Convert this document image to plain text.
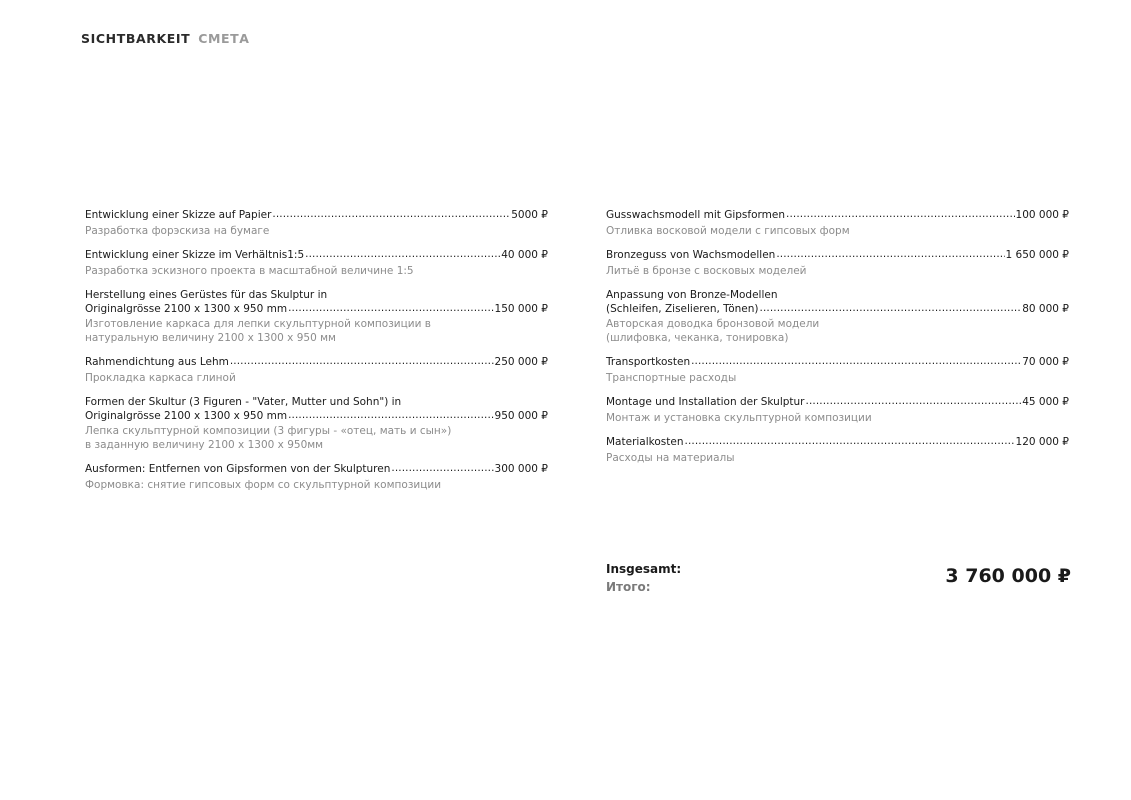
SICHTBARKEIT СМЕТА
Entwicklung einer Skizze auf Papier .....	5000 ₽
Разработка форэскиза на бумаге
Entwicklung einer Skizze im Verhältnis1:5 .....	40 000 ₽
Разработка эскизного проекта в масштабной величине 1:5
Herstellung eines Gerüstes für das Skulptur in
Originalgrösse 2100 x 1300 x 950 mm .....	150 000 ₽
Изготовление каркаса для лепки скульптурной композиции в
натуральную величину 2100 х 1300 х 950 мм
Rahmendichtung aus Lehm .....	250 000 ₽
Прокладка каркаса глиной
Formen der Skultur (3 Figuren - "Vater, Mutter und Sohn") in
Originalgrösse 2100 x 1300 x 950 mm .....	950 000 ₽
Лепка скульптурной композиции (3 фигуры - «отец, мать и сын»)
в заданную величину 2100 х 1300 х 950мм
Ausformen: Entfernen von Gipsformen von der Skulpturen .....	300 000 ₽
Формовка: снятие гипсовых форм со скульптурной композиции
Gusswachsmodell mit Gipsformen .....	100 000 ₽
Отливка восковой модели с гипсовых форм
Bronzeguss von Wachsmodellen .....	1 650 000 ₽
Литьё в бронзе с восковых моделей
Anpassung von Bronze-Modellen
(Schleifen, Ziselieren, Tönen) .....	80 000 ₽
Авторская доводка бронзовой модели
(шлифовка, чеканка, тонировка)
Transportkosten .....	70 000 ₽
Транспортные расходы
Montage und Installation der Skulptur .....	45 000 ₽
Монтаж и установка скульптурной композиции
Materialkosten .....	120 000 ₽
Расходы на материалы
Insgesamt:
Итого:	3 760 000 ₽
